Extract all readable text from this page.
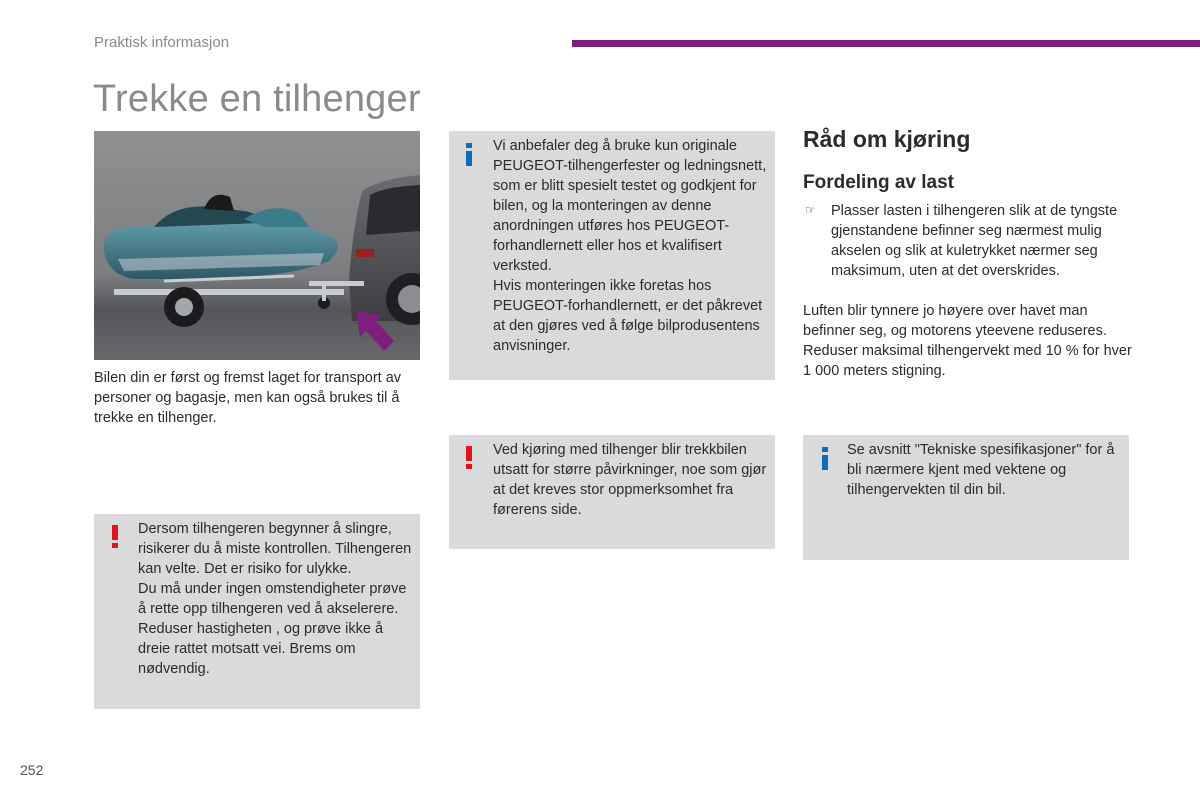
Praktisk informasjon
Trekke en tilhenger
Bilen din er først og fremst laget for transport av personer og bagasje, men kan også brukes til å trekke en tilhenger.
Vi anbefaler deg å bruke kun originale PEUGEOT-tilhengerfester og ledningsnett, som er blitt spesielt testet og godkjent for bilen, og la monteringen av denne anordningen utføres hos PEUGEOT-forhandlernett eller hos et kvalifisert verksted.
Hvis monteringen ikke foretas hos PEUGEOT-forhandlernett, er det påkrevet at den gjøres ved å følge bilprodusentens anvisninger.
Ved kjøring med tilhenger blir trekkbilen utsatt for større påvirkninger, noe som gjør at det kreves stor oppmerksomhet fra førerens side.
Dersom tilhengeren begynner å slingre, risikerer du å miste kontrollen. Tilhengeren kan velte. Det er risiko for ulykke.
Du må under ingen omstendigheter prøve å rette opp tilhengeren ved å akselerere. Reduser hastigheten , og prøve ikke å dreie rattet motsatt vei. Brems om nødvendig.
Råd om kjøring
Fordeling av last
☞ Plasser lasten i tilhengeren slik at de tyngste gjenstandene befinner seg nærmest mulig akselen og slik at kuletrykket nærmer seg maksimum, uten at det overskrides.
Luften blir tynnere jo høyere over havet man befinner seg, og motorens yteevene reduseres. Reduser maksimal tilhengervekt med 10 % for hver 1 000 meters stigning.
Se avsnitt "Tekniske spesifikasjoner" for å bli nærmere kjent med vektene og tilhengervekten til din bil.
252
